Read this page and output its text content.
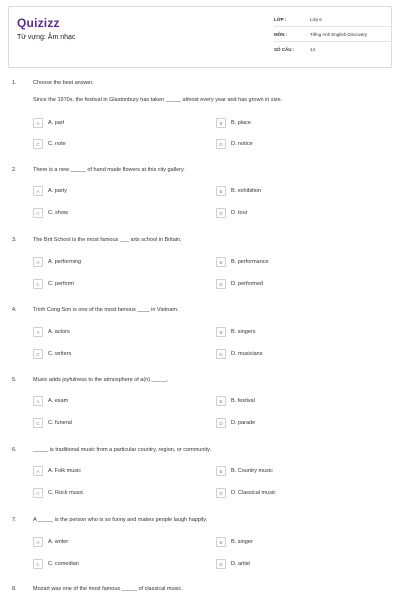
Quizizz
Từ vựng: Âm nhạc
LỚP :	Lớp 6
MÔN :	Tiếng Anh English Discovery
SỐ CÂU :	14
1.	Choose the best answer.
Since the 1970s, the festival in Glastonbury has taken _____ almost every year and has grown in size.
A	A. part	B	B. place
C	C. note	D	D. notice
2.	There is a new _____ of hand made flowers at this city gallery.
A	A. party	B	B. exhibition
C	C. show	D	D. tour
3.	The Brit School is the most famous ___ arts school in Britain.
A	A. performing	B	B. performance
C	C. perform	D	D. performed
4.	Trinh Cong Son is one of the most famous ____ in Vietnam.
A	A. actors	B	B. singers
C	C. writers	D	D. musicians
5.	Music adds joyfulness to the atmosphere of a(n) _____.
A	A. exam	B	B. festival
C	C. funeral	D	D. parade
6.	_____ is traditional music from a particular country, region, or community.
A	A. Folk music	B	B. Country music
C	C. Rock music	D	D. Classical music
7.	A _____ is the person who is so funny and makes people laugh happily.
A	A. writer	B	B. singer
C	C. comedian	D	D. artist
8.	Mozart was one of the most famous _____ of classical music.
